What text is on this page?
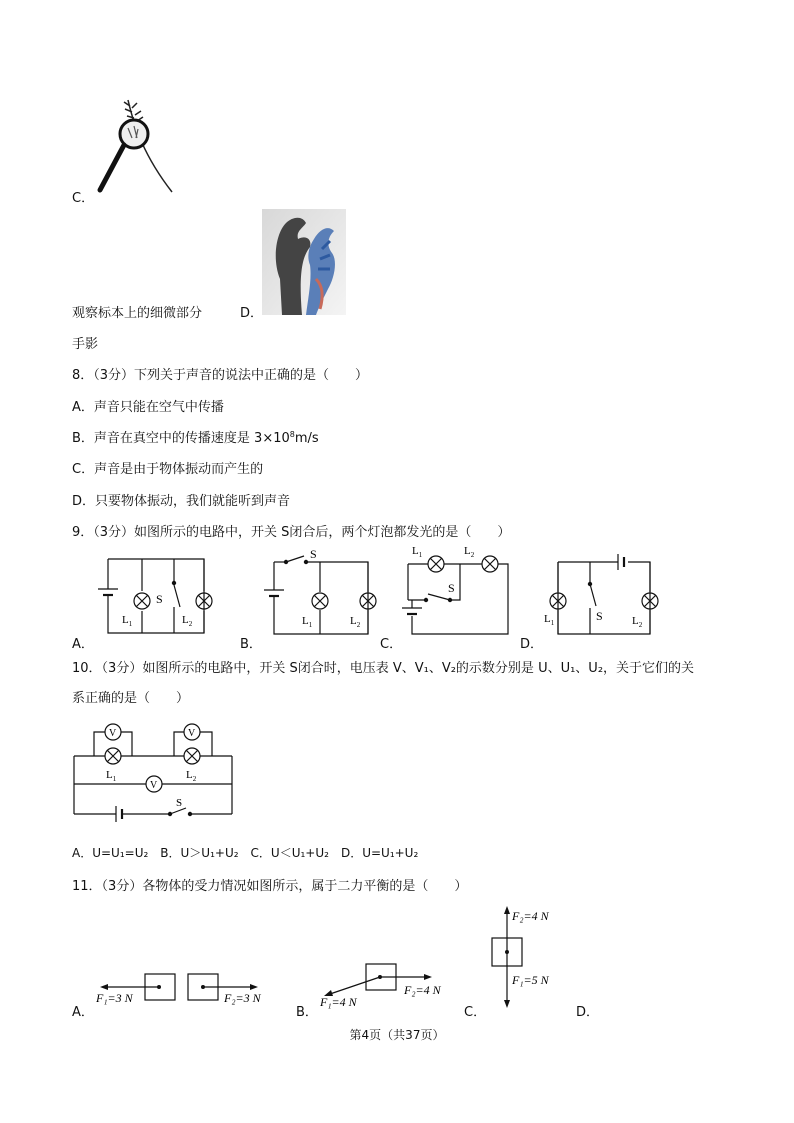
C．
观察标本上的细微部分	D．
手影
8．（3分）下列关于声音的说法中正确的是（　　）
A．声音只能在空气中传播
B．声音在真空中的传播速度是 $3\times 10^8m/s$
C．声音是由于物体振动而产生的
D．只要物体振动，我们就能听到声音
9．（3分）如图所示的电路中，开关 S闭合后，两个灯泡都发光的是（　　）
S
$L_1$	$L_2$
A．
S
$L_1$	$L_2$
B．
$L_1$	$L_2$
S
C．
S
$L_1$	$L_2$
D．
10．（3分）如图所示的电路中，开关 S闭合时，电压表 V、V₁、V₂的示数分别是 U、U₁、U₂，关于它们的关
系正确的是（　　）
V	V
V
$L_1$	$L_2$
S
A．U=U₁=U₂　B．U＞U₁+U₂　C．U＜U₁+U₂　D．U=U₁+U₂
11．（3分）各物体的受力情况如图所示，属于二力平衡的是（　　）
F₁=3 N	F₂=3 N
A．
F₁=4 N
F₂=4 N
B．
F₂=4 N
F₁=5 N
C．	D．
第4页（共37页）
